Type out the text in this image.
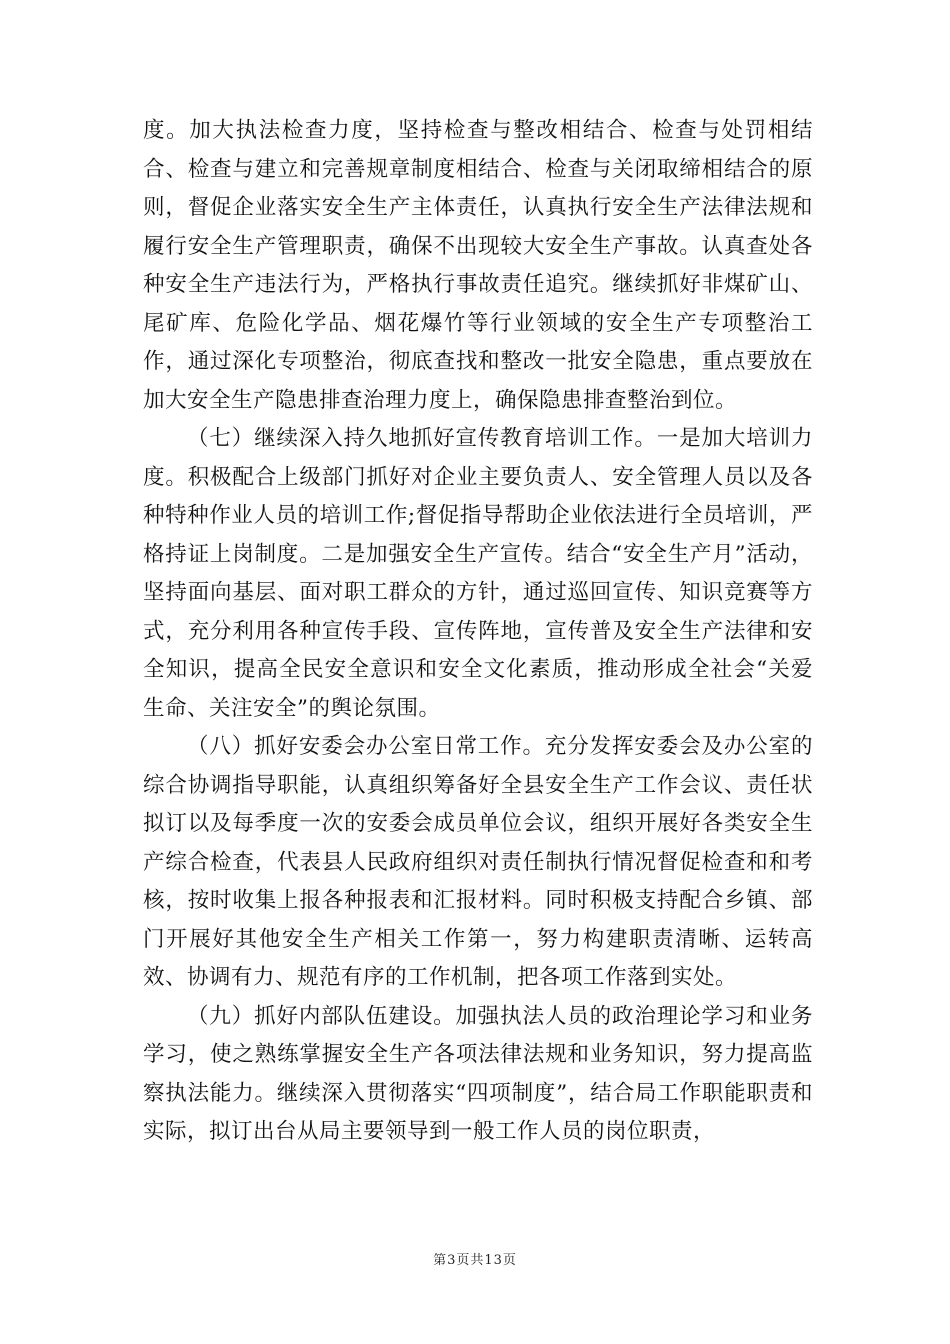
度。加大执法检查力度，坚持检查与整改相结合、检查与处罚相结合、检查与建立和完善规章制度相结合、检查与关闭取缔相结合的原则，督促企业落实安全生产主体责任，认真执行安全生产法律法规和履行安全生产管理职责，确保不出现较大安全生产事故。认真查处各种安全生产违法行为，严格执行事故责任追究。继续抓好非煤矿山、尾矿库、危险化学品、烟花爆竹等行业领域的安全生产专项整治工作，通过深化专项整治，彻底查找和整改一批安全隐患，重点要放在加大安全生产隐患排查治理力度上，确保隐患排查整治到位。

（七）继续深入持久地抓好宣传教育培训工作。一是加大培训力度。积极配合上级部门抓好对企业主要负责人、安全管理人员以及各种特种作业人员的培训工作;督促指导帮助企业依法进行全员培训，严格持证上岗制度。二是加强安全生产宣传。结合“安全生产月”活动，坚持面向基层、面对职工群众的方针，通过巡回宣传、知识竞赛等方式，充分利用各种宣传手段、宣传阵地，宣传普及安全生产法律和安全知识，提高全民安全意识和安全文化素质，推动形成全社会“关爱生命、关注安全”的舆论氛围。

（八）抓好安委会办公室日常工作。充分发挥安委会及办公室的综合协调指导职能，认真组织筹备好全县安全生产工作会议、责任状拟订以及每季度一次的安委会成员单位会议，组织开展好各类安全生产综合检查，代表县人民政府组织对责任制执行情况督促检查和和考核，按时收集上报各种报表和汇报材料。同时积极支持配合乡镇、部门开展好其他安全生产相关工作第一，努力构建职责清晰、运转高效、协调有力、规范有序的工作机制，把各项工作落到实处。

（九）抓好内部队伍建设。加强执法人员的政治理论学习和业务学习，使之熟练掌握安全生产各项法律法规和业务知识，努力提高监察执法能力。继续深入贯彻落实“四项制度”，结合局工作职能职责和实际，拟订出台从局主要领导到一般工作人员的岗位职责，

第3页共13页
